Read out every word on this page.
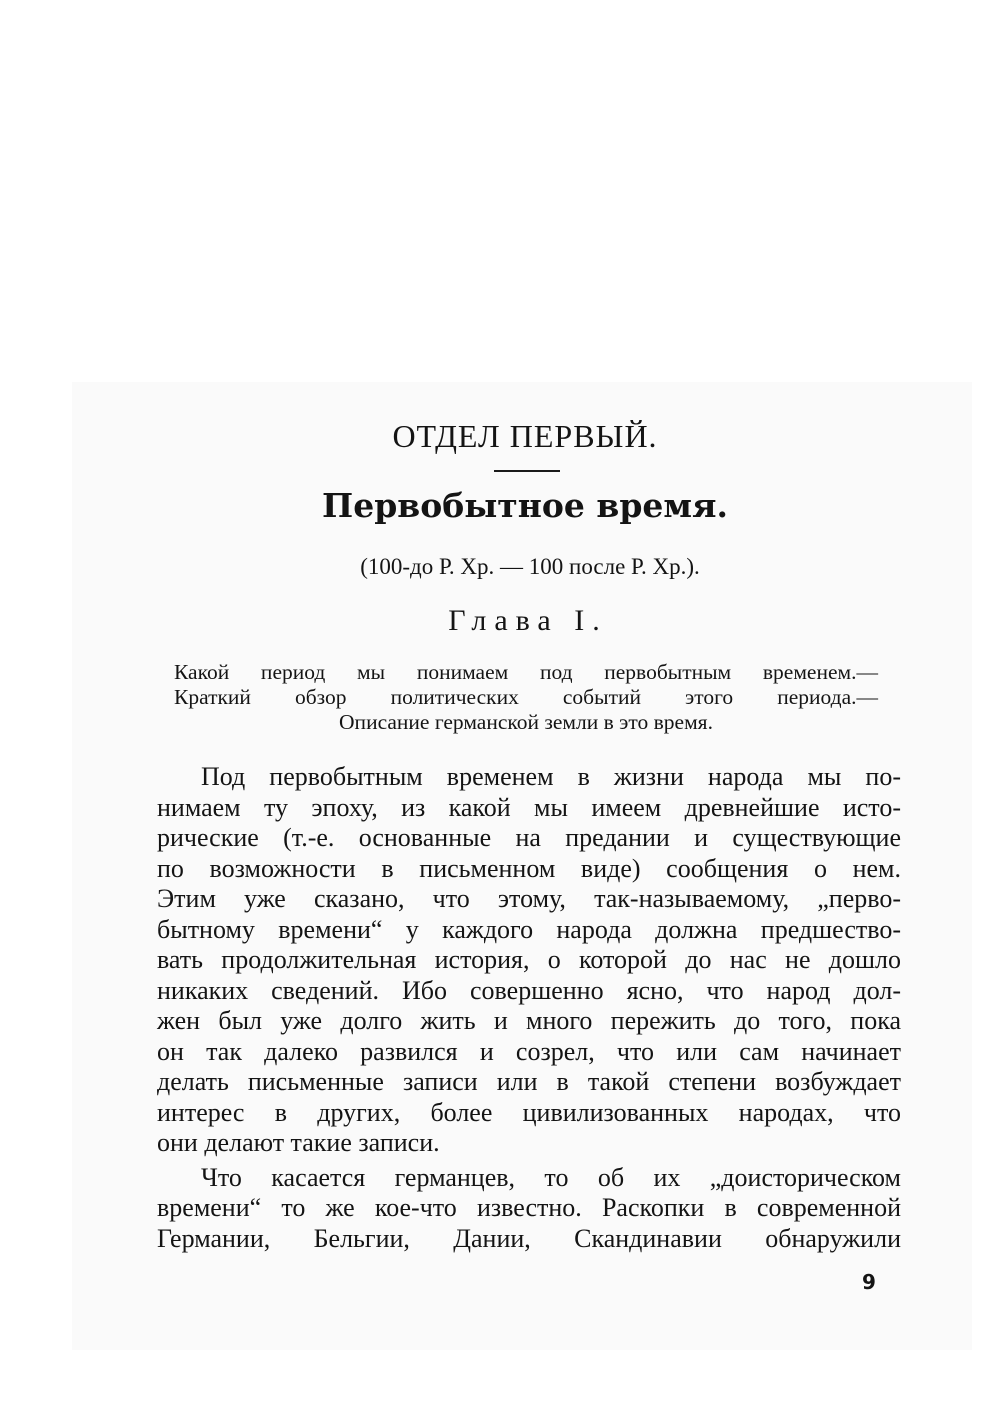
ОТДЕЛ ПЕРВЫЙ.
Первобытное время.
(100-до Р. Хр. — 100 после Р. Хр.).
Глава I.
Какой период мы понимаем под первобытным временем.—
Краткий обзор политических событий этого периода.—
Описание германской земли в это время.
Под первобытным временем в жизни народа мы по-
нимаем ту эпоху, из какой мы имеем древнейшие исто-
рические (т.-е. основанные на предании и существующие
по возможности в письменном виде) сообщения о нем.
Этим уже сказано, что этому, так-называемому, „перво-
бытному времени“ у каждого народа должна предшество-
вать продолжительная история, о которой до нас не дошло
никаких сведений. Ибо совершенно ясно, что народ дол-
жен был уже долго жить и много пережить до того, пока
он так далеко развился и созрел, что или сам начинает
делать письменные записи или в такой степени возбуждает
интерес в других, более цивилизованных народах, что
они делают такие записи.
Что касается германцев, то об их „доисторическом
времени“ то же кое-что известно. Раскопки в современной
Германии, Бельгии, Дании, Скандинавии обнаружили
9
